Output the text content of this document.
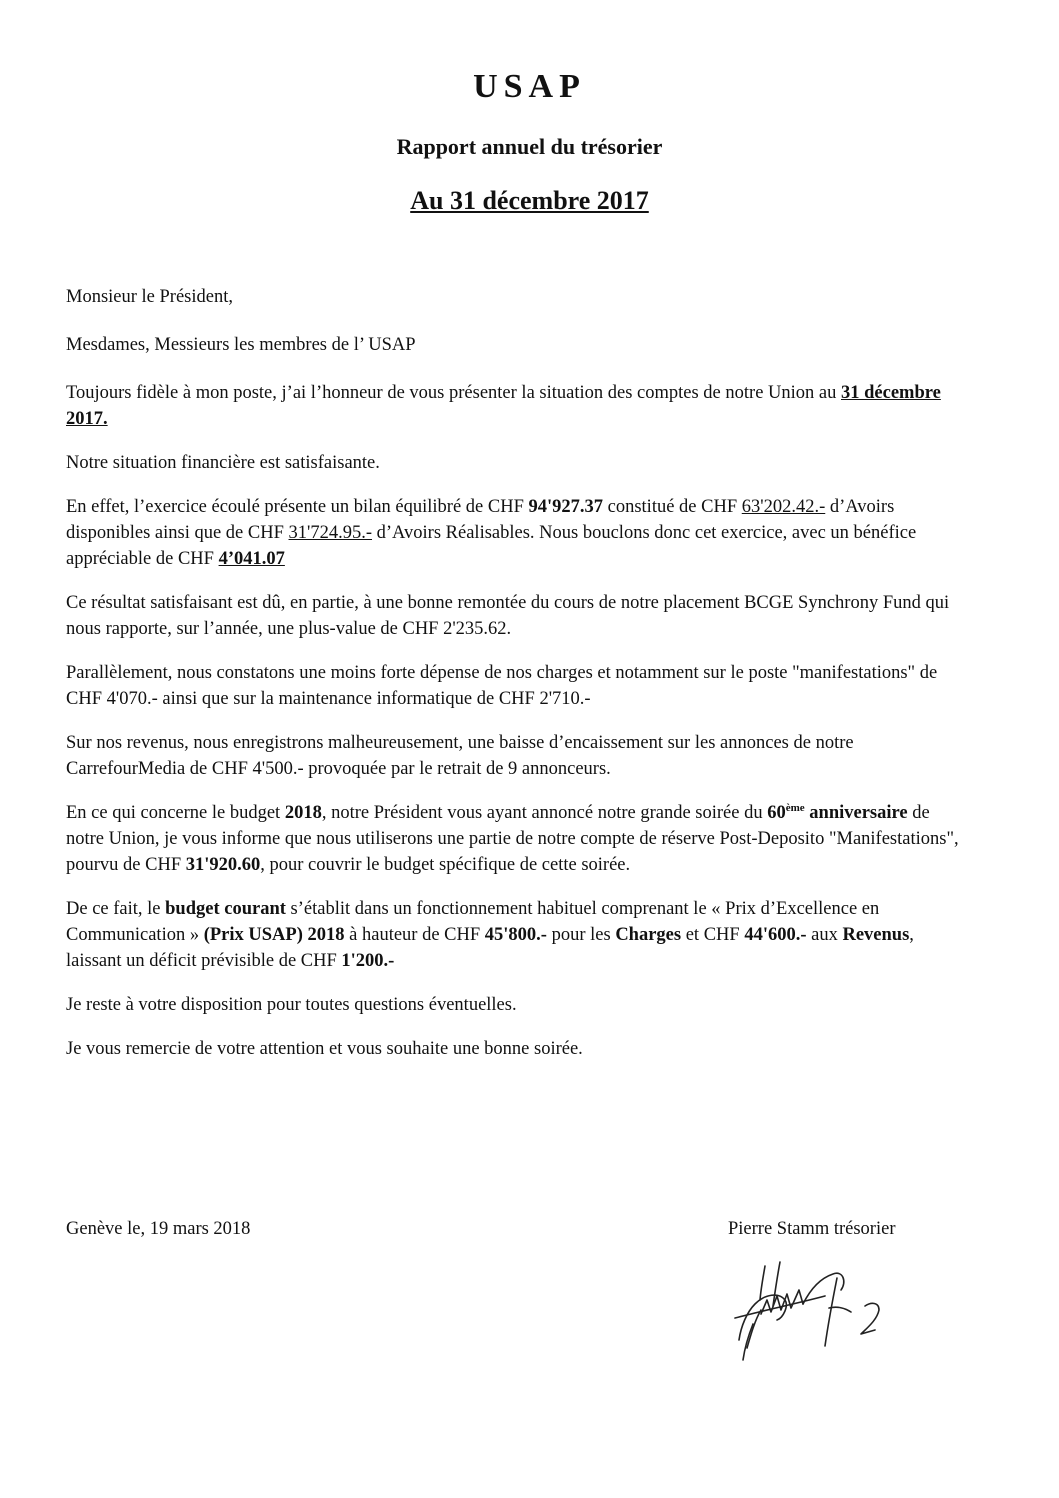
USAP
Rapport annuel du trésorier
Au 31 décembre 2017

Monsieur le Président,

Mesdames, Messieurs les membres de l’ USAP

Toujours fidèle à mon poste, j’ai l’honneur de vous présenter la situation des comptes de notre Union au 31 décembre 2017.

Notre situation financière est satisfaisante.

En effet, l’exercice écoulé présente un bilan équilibré de CHF 94'927.37 constitué de CHF 63'202.42.- d’Avoirs disponibles ainsi que de CHF 31'724.95.- d’Avoirs Réalisables. Nous bouclons donc cet exercice, avec un bénéfice appréciable de CHF 4’041.07

Ce résultat satisfaisant est dû, en partie, à une bonne remontée du cours de notre placement BCGE Synchrony Fund qui nous rapporte, sur l’année, une plus-value de CHF 2'235.62.

Parallèlement, nous constatons une moins forte dépense de nos charges et notamment sur le poste "manifestations" de CHF 4'070.- ainsi que sur la maintenance informatique de CHF 2'710.-

Sur nos revenus, nous enregistrons malheureusement, une baisse d’encaissement sur les annonces de notre CarrefourMedia de CHF 4'500.- provoquée par le retrait de 9 annonceurs.

En ce qui concerne le budget 2018, notre Président vous ayant annoncé notre grande soirée du 60ème anniversaire de notre Union, je vous informe que nous utiliserons une partie de notre compte de réserve Post-Deposito "Manifestations", pourvu de CHF 31'920.60, pour couvrir le budget spécifique de cette soirée.

De ce fait, le budget courant s’établit dans un fonctionnement habituel comprenant le « Prix d’Excellence en Communication » (Prix USAP) 2018 à hauteur de CHF 45'800.- pour les Charges et CHF 44'600.- aux Revenus, laissant un déficit prévisible de CHF 1'200.-

Je reste à votre disposition pour toutes questions éventuelles.

Je vous remercie de votre attention et vous souhaite une bonne soirée.

Genève le, 19 mars 2018	Pierre Stamm trésorier
